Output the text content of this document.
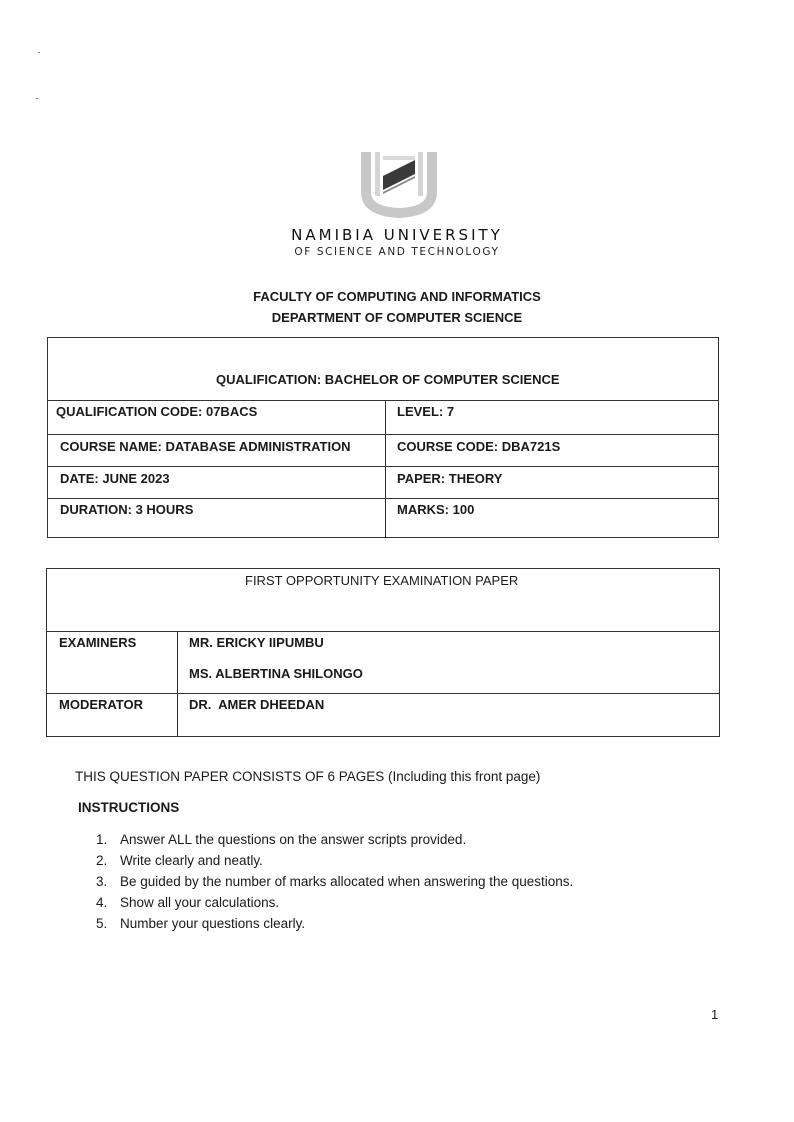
NAMIBIA UNIVERSITY
OF SCIENCE AND TECHNOLOGY
FACULTY OF COMPUTING AND INFORMATICS
DEPARTMENT OF COMPUTER SCIENCE
QUALIFICATION: BACHELOR OF COMPUTER SCIENCE
QUALIFICATION CODE: 07BACS	LEVEL: 7
COURSE NAME: DATABASE ADMINISTRATION	COURSE CODE: DBA721S
DATE: JUNE 2023	PAPER: THEORY
DURATION: 3 HOURS	MARKS: 100
FIRST OPPORTUNITY EXAMINATION PAPER
EXAMINERS	MR. ERICKY IIPUMBU
MS. ALBERTINA SHILONGO
MODERATOR	DR.  AMER DHEEDAN
THIS QUESTION PAPER CONSISTS OF 6 PAGES (Including this front page)
INSTRUCTIONS
1. Answer ALL the questions on the answer scripts provided.
2. Write clearly and neatly.
3. Be guided by the number of marks allocated when answering the questions.
4. Show all your calculations.
5. Number your questions clearly.
1
